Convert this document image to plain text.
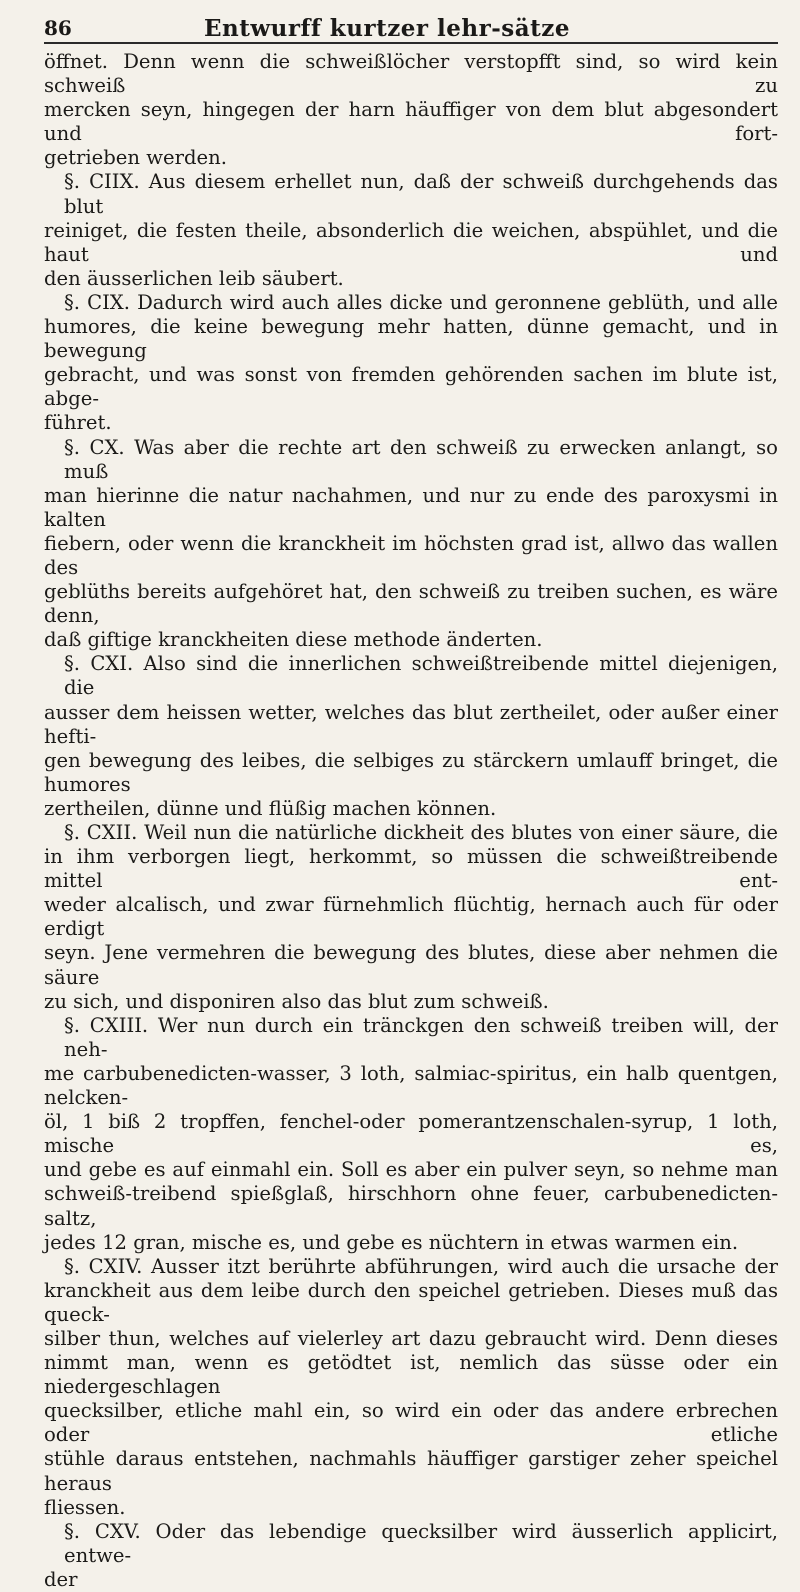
86	Entwurff kurtzer lehr-sätze

öffnet. Denn wenn die schweißlöcher verstopfft sind, so wird kein schweiß zu
mercken seyn, hingegen der harn häuffiger von dem blut abgesondert und fort-
getrieben werden.

§. CIIX. Aus diesem erhellet nun, daß der schweiß durchgehends das blut
reiniget, die festen theile, absonderlich die weichen, abspühlet, und die haut und
den äusserlichen leib säubert.

§. CIX. Dadurch wird auch alles dicke und geronnene geblüth, und alle
humores, die keine bewegung mehr hatten, dünne gemacht, und in bewegung
gebracht, und was sonst von fremden gehörenden sachen im blute ist, abge-
führet.

§. CX. Was aber die rechte art den schweiß zu erwecken anlangt, so muß
man hierinne die natur nachahmen, und nur zu ende des paroxysmi in kalten
fiebern, oder wenn die kranckheit im höchsten grad ist, allwo das wallen des
geblüths bereits aufgehöret hat, den schweiß zu treiben suchen, es wäre denn,
daß giftige kranckheiten diese methode änderten.

§. CXI. Also sind die innerlichen schweißtreibende mittel diejenigen, die
ausser dem heissen wetter, welches das blut zertheilet, oder außer einer hefti-
gen bewegung des leibes, die selbiges zu stärckern umlauff bringet, die humores
zertheilen, dünne und flüßig machen können.

§. CXII. Weil nun die natürliche dickheit des blutes von einer säure, die
in ihm verborgen liegt, herkommt, so müssen die schweißtreibende mittel ent-
weder alcalisch, und zwar fürnehmlich flüchtig, hernach auch für oder erdigt
seyn. Jene vermehren die bewegung des blutes, diese aber nehmen die säure
zu sich, und disponiren also das blut zum schweiß.

§. CXIII. Wer nun durch ein tränckgen den schweiß treiben will, der neh-
me carbubenedicten-wasser, 3 loth, salmiac-spiritus, ein halb quentgen, nelcken-
öl, 1 biß 2 tropffen, fenchel-oder pomerantzenschalen-syrup, 1 loth, mische es,
und gebe es auf einmahl ein. Soll es aber ein pulver seyn, so nehme man
schweiß-treibend spießglaß, hirschhorn ohne feuer, carbubenedicten-saltz,
jedes 12 gran, mische es, und gebe es nüchtern in etwas warmen ein.

§. CXIV. Ausser itzt berührte abführungen, wird auch die ursache der
kranckheit aus dem leibe durch den speichel getrieben. Dieses muß das queck-
silber thun, welches auf vielerley art dazu gebraucht wird. Denn dieses
nimmt man, wenn es getödtet ist, nemlich das süsse oder ein niedergeschlagen
quecksilber, etliche mahl ein, so wird ein oder das andere erbrechen oder etliche
stühle daraus entstehen, nachmahls häuffiger garstiger zeher speichel heraus
fliessen.

§. CXV. Oder das lebendige quecksilber wird äusserlich applicirt, entwe-
der
